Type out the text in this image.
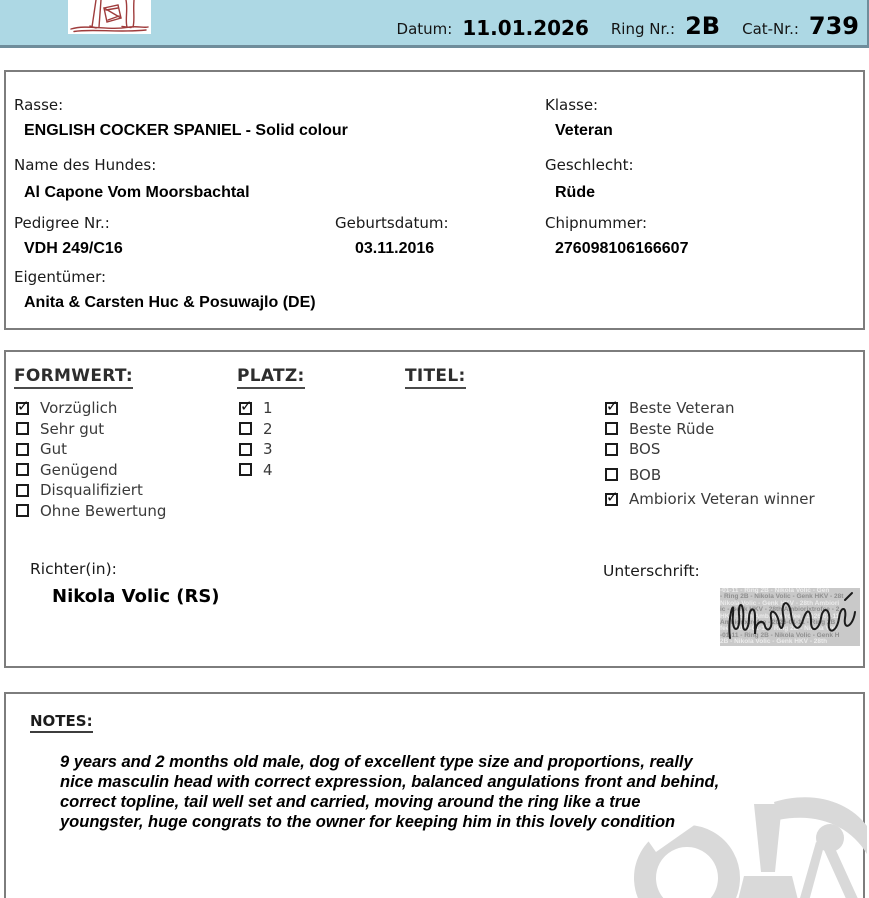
Datum: 11.01.2026 Ring Nr.: 2B Cat-Nr.: 739
Rasse:
ENGLISH COCKER SPANIEL - Solid colour
Name des Hundes:
Al Capone Vom Moorsbachtal
Pedigree Nr.:
VDH 249/C16
Geburtsdatum:
03.11.2016
Eigentümer:
Anita & Carsten Huc & Posuwajlo (DE)
Klasse:
Veteran
Geschlecht:
Rüde
Chipnummer:
276098106166607
FORMWERT:	PLATZ:	TITEL:
✓ Vorzüglich
Sehr gut
Gut
Genügend
Disqualifiziert
Ohne Bewertung
✓ 1
2
3
4
✓ Beste Veteran
Beste Rüde
BOS
BOB
✓ Ambiorix Veteran winner
Richter(in):
Nikola Volic (RS)
Unterschrift:
-01-11 - Ring 2B - Nikola Volic - Gen
- Ring 2B - Nikola Volic - Genk HKV - 28t
Nikola Volic - Genk HKV - 28th Ambiori
ic - Genk HKV - 28th Ambiorixtrofee - 2
HKV - 28th Ambiorixtrofee - 2026-01-11
Ambiorixtrofee - 2026-01-11 - Ring 2B -
fee - 2026-01-11 - Ring 2B - Nikola Voli
-01-11 - Ring 2B - Nikola Volic - Genk H
2B - Nikola Volic - Genk HKV - 28th
NOTES:
9 years and 2 months old male, dog of excellent type size and proportions, really
nice masculin head with correct expression, balanced angulations front and behind,
correct topline, tail well set and carried, moving around the ring like a true
youngster, huge congrats to the owner for keeping him in this lovely condition
